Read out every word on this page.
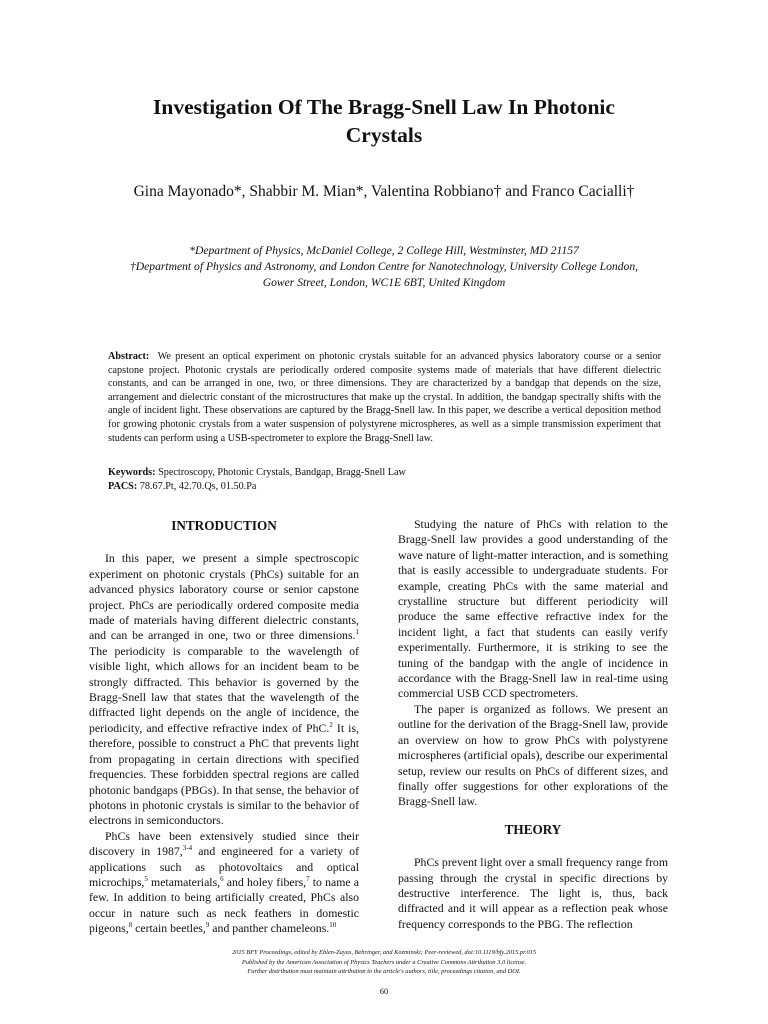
Investigation Of The Bragg-Snell Law In Photonic
Crystals
Gina Mayonado*, Shabbir M. Mian*, Valentina Robbiano† and Franco Cacialli†
*Department of Physics, McDaniel College, 2 College Hill, Westminster, MD 21157
†Department of Physics and Astronomy, and London Centre for Nanotechnology, University College London,
Gower Street, London, WC1E 6BT, United Kingdom
Abstract: We present an optical experiment on photonic crystals suitable for an advanced physics laboratory course or a senior capstone project. Photonic crystals are periodically ordered composite systems made of materials that have different dielectric constants, and can be arranged in one, two, or three dimensions. They are characterized by a bandgap that depends on the size, arrangement and dielectric constant of the microstructures that make up the crystal. In addition, the bandgap spectrally shifts with the angle of incident light. These observations are captured by the Bragg-Snell law. In this paper, we describe a vertical deposition method for growing photonic crystals from a water suspension of polystyrene microspheres, as well as a simple transmission experiment that students can perform using a USB-spectrometer to explore the Bragg-Snell law.
Keywords: Spectroscopy, Photonic Crystals, Bandgap, Bragg-Snell Law
PACS: 78.67.Pt, 42.70.Qs, 01.50.Pa
INTRODUCTION

In this paper, we present a simple spectroscopic experiment on photonic crystals (PhCs) suitable for an advanced physics laboratory course or senior capstone project. PhCs are periodically ordered composite media made of materials having different dielectric constants, and can be arranged in one, two or three dimensions.$^1$ The periodicity is comparable to the wavelength of visible light, which allows for an incident beam to be strongly diffracted. This behavior is governed by the Bragg-Snell law that states that the wavelength of the diffracted light depends on the angle of incidence, the periodicity, and effective refractive index of PhC.$^2$ It is, therefore, possible to construct a PhC that prevents light from propagating in certain directions with specified frequencies. These forbidden spectral regions are called photonic bandgaps (PBGs). In that sense, the behavior of photons in photonic crystals is similar to the behavior of electrons in semiconductors.

PhCs have been extensively studied since their discovery in 1987,$^{3-4}$ and engineered for a variety of applications such as photovoltaics and optical microchips,$^5$ metamaterials,$^6$ and holey fibers,$^7$ to name a few. In addition to being artificially created, PhCs also occur in nature such as neck feathers in domestic pigeons,$^8$ certain beetles,$^9$ and panther chameleons.$^{10}$

Studying the nature of PhCs with relation to the Bragg-Snell law provides a good understanding of the wave nature of light-matter interaction, and is something that is easily accessible to undergraduate students. For example, creating PhCs with the same material and crystalline structure but different periodicity will produce the same effective refractive index for the incident light, a fact that students can easily verify experimentally. Furthermore, it is striking to see the tuning of the bandgap with the angle of incidence in accordance with the Bragg-Snell law in real-time using commercial USB CCD spectrometers.

The paper is organized as follows. We present an outline for the derivation of the Bragg-Snell law, provide an overview on how to grow PhCs with polystyrene microspheres (artificial opals), describe our experimental setup, review our results on PhCs of different sizes, and finally offer suggestions for other explorations of the Bragg-Snell law.

THEORY

PhCs prevent light over a small frequency range from passing through the crystal in specific directions by destructive interference. The light is, thus, back diffracted and it will appear as a reflection peak whose frequency corresponds to the PBG. The reflection

2015 BFY Proceedings, edited by Eblen-Zayas, Behringer, and Kozminski; Peer-reviewed, doi:10.1119/bfy.2015.pr.015
Published by the American Association of Physics Teachers under a Creative Commons Attribution 3.0 license.
Further distribution must maintain attribution to the article's authors, title, proceedings citation, and DOI.
60
